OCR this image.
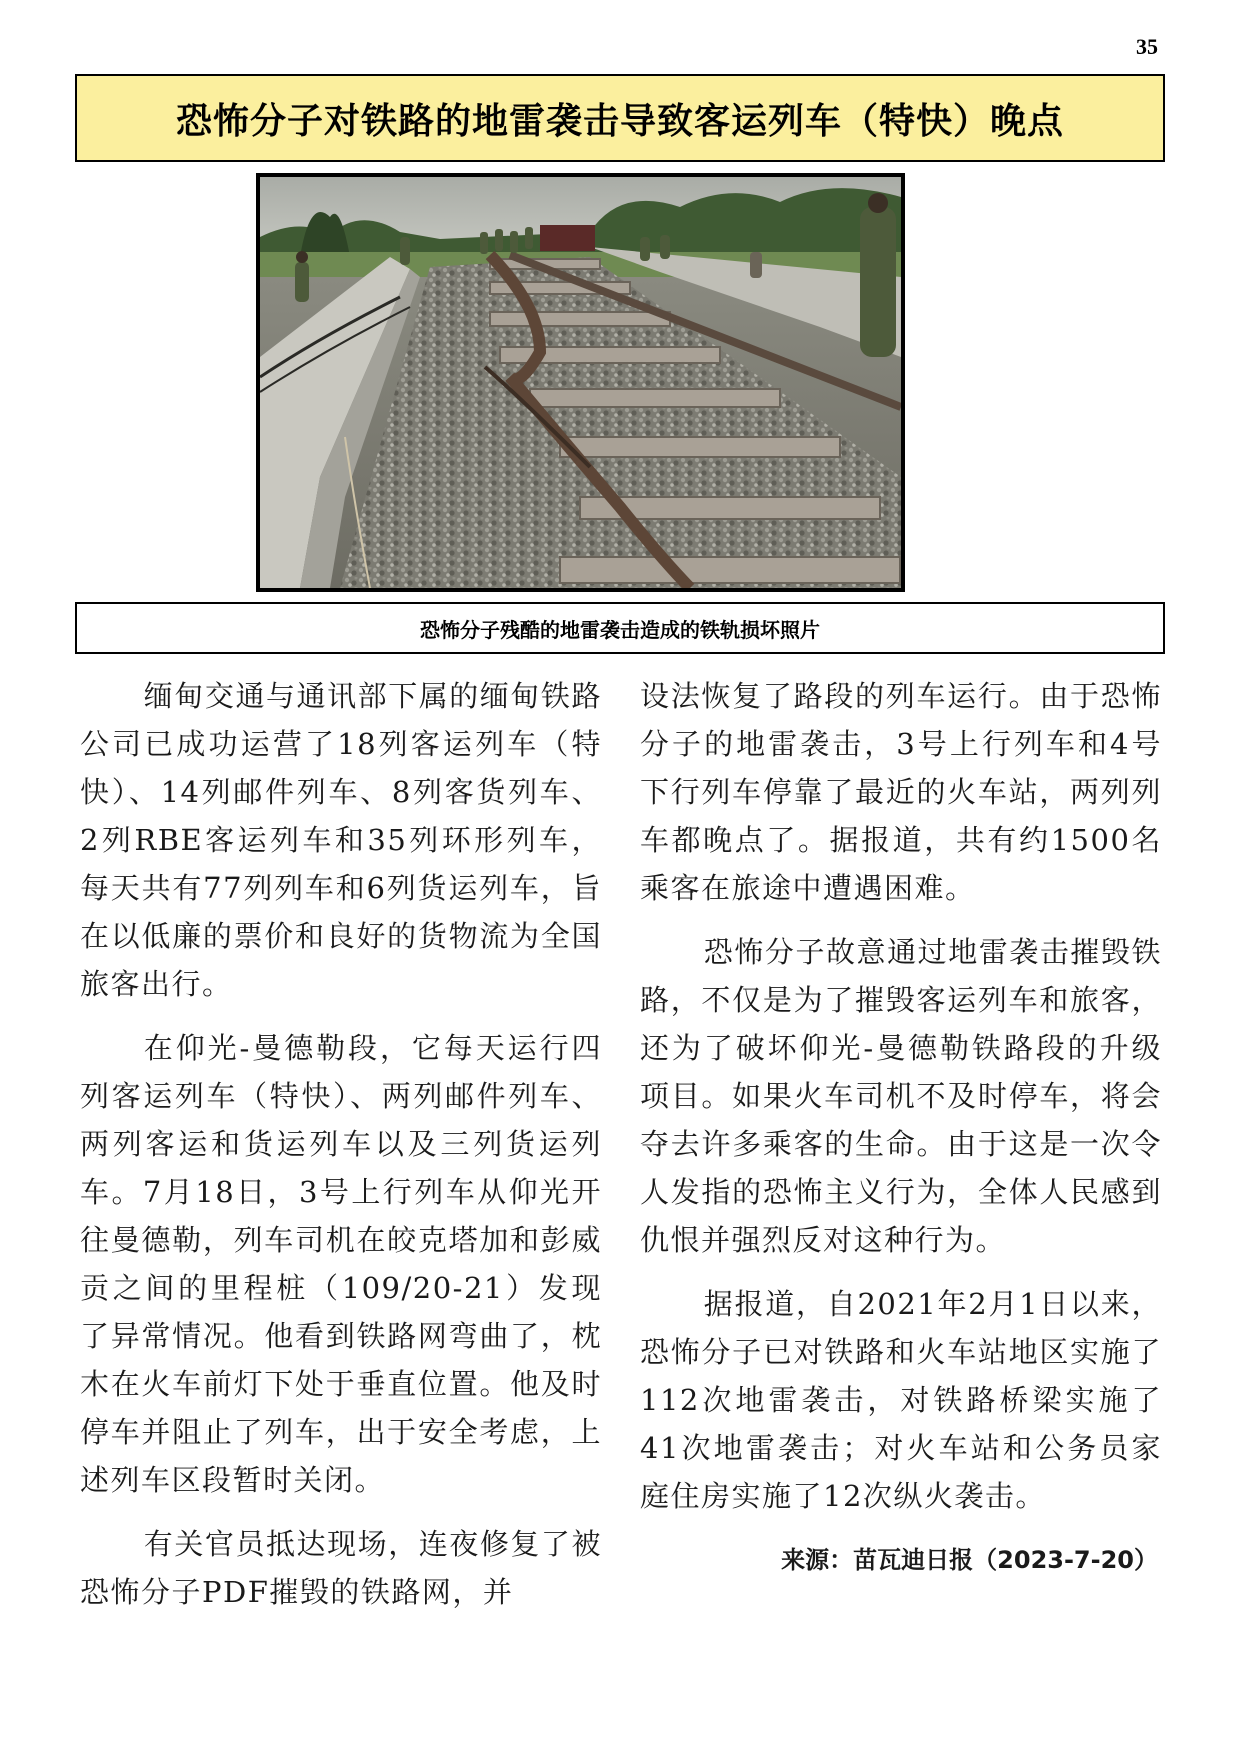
35
恐怖分子对铁路的地雷袭击导致客运列车（特快）晚点
恐怖分子残酷的地雷袭击造成的铁轨损坏照片

缅甸交通与通讯部下属的缅甸铁路公司已成功运营了18列客运列车（特快）、14列邮件列车、8列客货列车、2列RBE客运列车和35列环形列车，每天共有77列列车和6列货运列车，旨在以低廉的票价和良好的货物流为全国旅客出行。

在仰光-曼德勒段，它每天运行四列客运列车（特快）、两列邮件列车、两列客运和货运列车以及三列货运列车。7月18日，3号上行列车从仰光开往曼德勒，列车司机在皎克塔加和彭威贡之间的里程桩（109/20-21）发现了异常情况。他看到铁路网弯曲了，枕木在火车前灯下处于垂直位置。他及时停车并阻止了列车，出于安全考虑，上述列车区段暂时关闭。

有关官员抵达现场，连夜修复了被恐怖分子PDF摧毁的铁路网，并

设法恢复了路段的列车运行。由于恐怖分子的地雷袭击，3号上行列车和4号下行列车停靠了最近的火车站，两列列车都晚点了。据报道，共有约1500名乘客在旅途中遭遇困难。

恐怖分子故意通过地雷袭击摧毁铁路，不仅是为了摧毁客运列车和旅客，还为了破坏仰光-曼德勒铁路段的升级项目。如果火车司机不及时停车，将会夺去许多乘客的生命。由于这是一次令人发指的恐怖主义行为，全体人民感到仇恨并强烈反对这种行为。

据报道，自2021年2月1日以来，恐怖分子已对铁路和火车站地区实施了112次地雷袭击，对铁路桥梁实施了41次地雷袭击；对火车站和公务员家庭住房实施了12次纵火袭击。

来源：苗瓦迪日报（2023-7-20）
